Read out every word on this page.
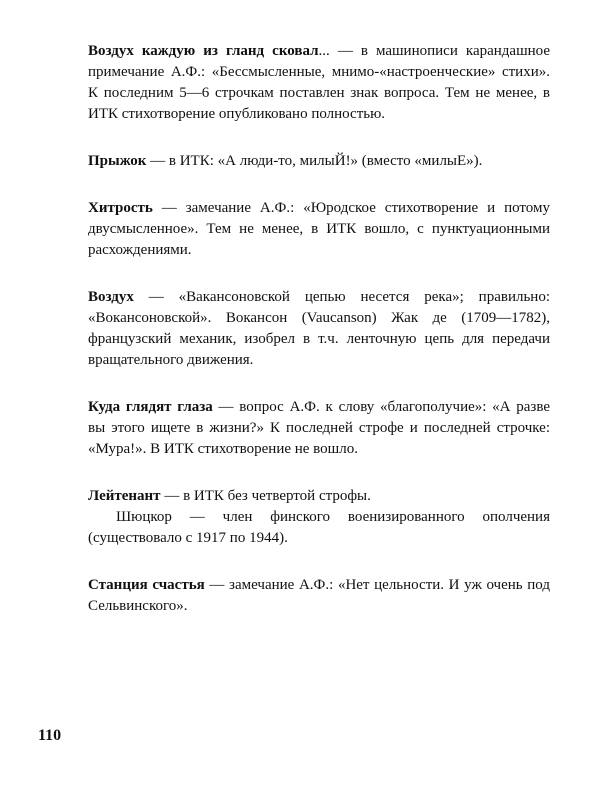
Воздух каждую из гланд сковал... — в машинописи карандашное примечание А.Ф.: «Бессмысленные, мнимо-«настроенческие» стихи». К последним 5—6 строчкам поставлен знак вопроса. Тем не менее, в ИТК стихотворение опубликовано полностью.
Прыжок — в ИТК: «А люди-то, милыЙ!» (вместо «милыЕ»).
Хитрость — замечание А.Ф.: «Юродское стихотворение и потому двусмысленное». Тем не менее, в ИТК вошло, с пунктуационными расхождениями.
Воздух — «Вакансоновской цепью несется река»; правильно: «Вокансоновской». Вокансон (Vaucanson) Жак де (1709—1782), французский механик, изобрел в т.ч. ленточную цепь для передачи вращательного движения.
Куда глядят глаза — вопрос А.Ф. к слову «благополучие»: «А разве вы этого ищете в жизни?» К последней строфе и последней строчке: «Мура!». В ИТК стихотворение не вошло.

Лейтенант — в ИТК без четвертой строфы.

Шюцкор — член финского военизированного ополчения (существовало с 1917 по 1944).

Станция счастья — замечание А.Ф.: «Нет цельности. И уж очень под Сельвинского».
110
